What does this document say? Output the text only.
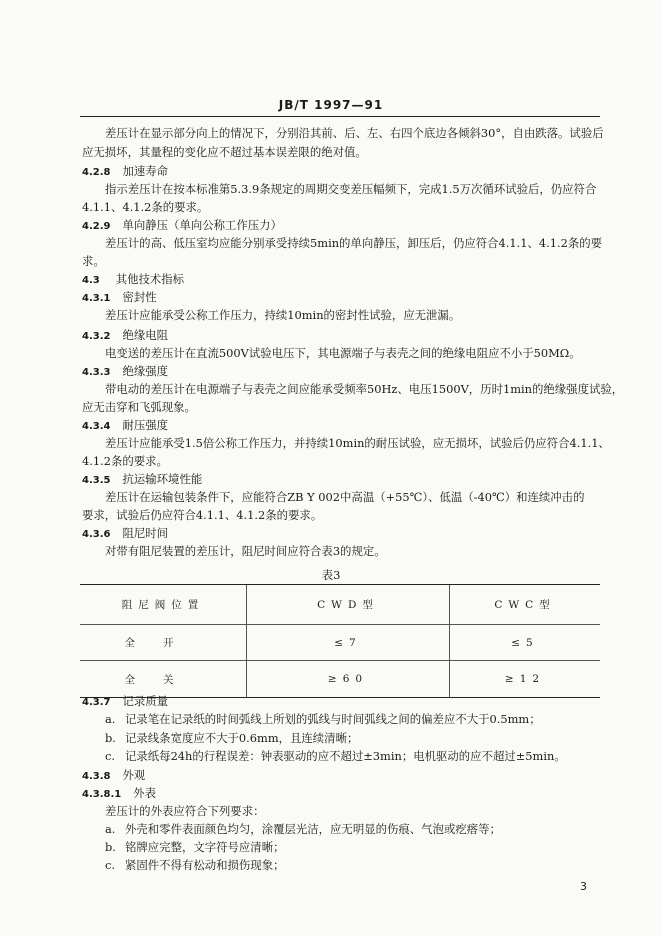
JB/T 1997—91
差压计在显示部分向上的情况下，分别沿其前、后、左、右四个底边各倾斜30°，自由跌落。试验后
应无损坏，其量程的变化应不超过基本误差限的绝对值。
4.2.8 加速寿命
指示差压计在按本标准第5.3.9条规定的周期交变差压幅频下，完成1.5万次循环试验后，仍应符合
4.1.1、4.1.2条的要求。
4.2.9 单向静压（单向公称工作压力）
差压计的高、低压室均应能分别承受持续5min的单向静压，卸压后，仍应符合4.1.1、4.1.2条的要
求。
4.3 其他技术指标
4.3.1 密封性
差压计应能承受公称工作压力，持续10min的密封性试验，应无泄漏。
4.3.2 绝缘电阻
电变送的差压计在直流500V试验电压下，其电源端子与表壳之间的绝缘电阻应不小于50MΩ。
4.3.3 绝缘强度
带电动的差压计在电源端子与表壳之间应能承受频率50Hz、电压1500V，历时1min的绝缘强度试验，
应无击穿和飞弧现象。
4.3.4 耐压强度
差压计应能承受1.5倍公称工作压力，并持续10min的耐压试验，应无损坏，试验后仍应符合4.1.1、
4.1.2条的要求。
4.3.5 抗运输环境性能
差压计在运输包装条件下，应能符合ZB Y 002中高温（+55℃）、低温（-40℃）和连续冲击的
要求，试验后仍应符合4.1.1、4.1.2条的要求。
4.3.6 阻尼时间
对带有阻尼装置的差压计，阻尼时间应符合表3的规定。
表3
阻尼阀位置	CWD型	CWC型
全开	≤7	≤5
全关	≥60	≥12
4.3.7 记录质量
a. 记录笔在记录纸的时间弧线上所划的弧线与时间弧线之间的偏差应不大于0.5mm；
b. 记录线条宽度应不大于0.6mm，且连续清晰；
c. 记录纸每24h的行程误差：钟表驱动的应不超过±3min；电机驱动的应不超过±5min。
4.3.8 外观
4.3.8.1 外表
差压计的外表应符合下列要求：
a. 外壳和零件表面颜色均匀，涂覆层光洁，应无明显的伤痕、气泡或疙瘩等；
b. 铭牌应完整，文字符号应清晰；
c. 紧固件不得有松动和损伤现象；
3
